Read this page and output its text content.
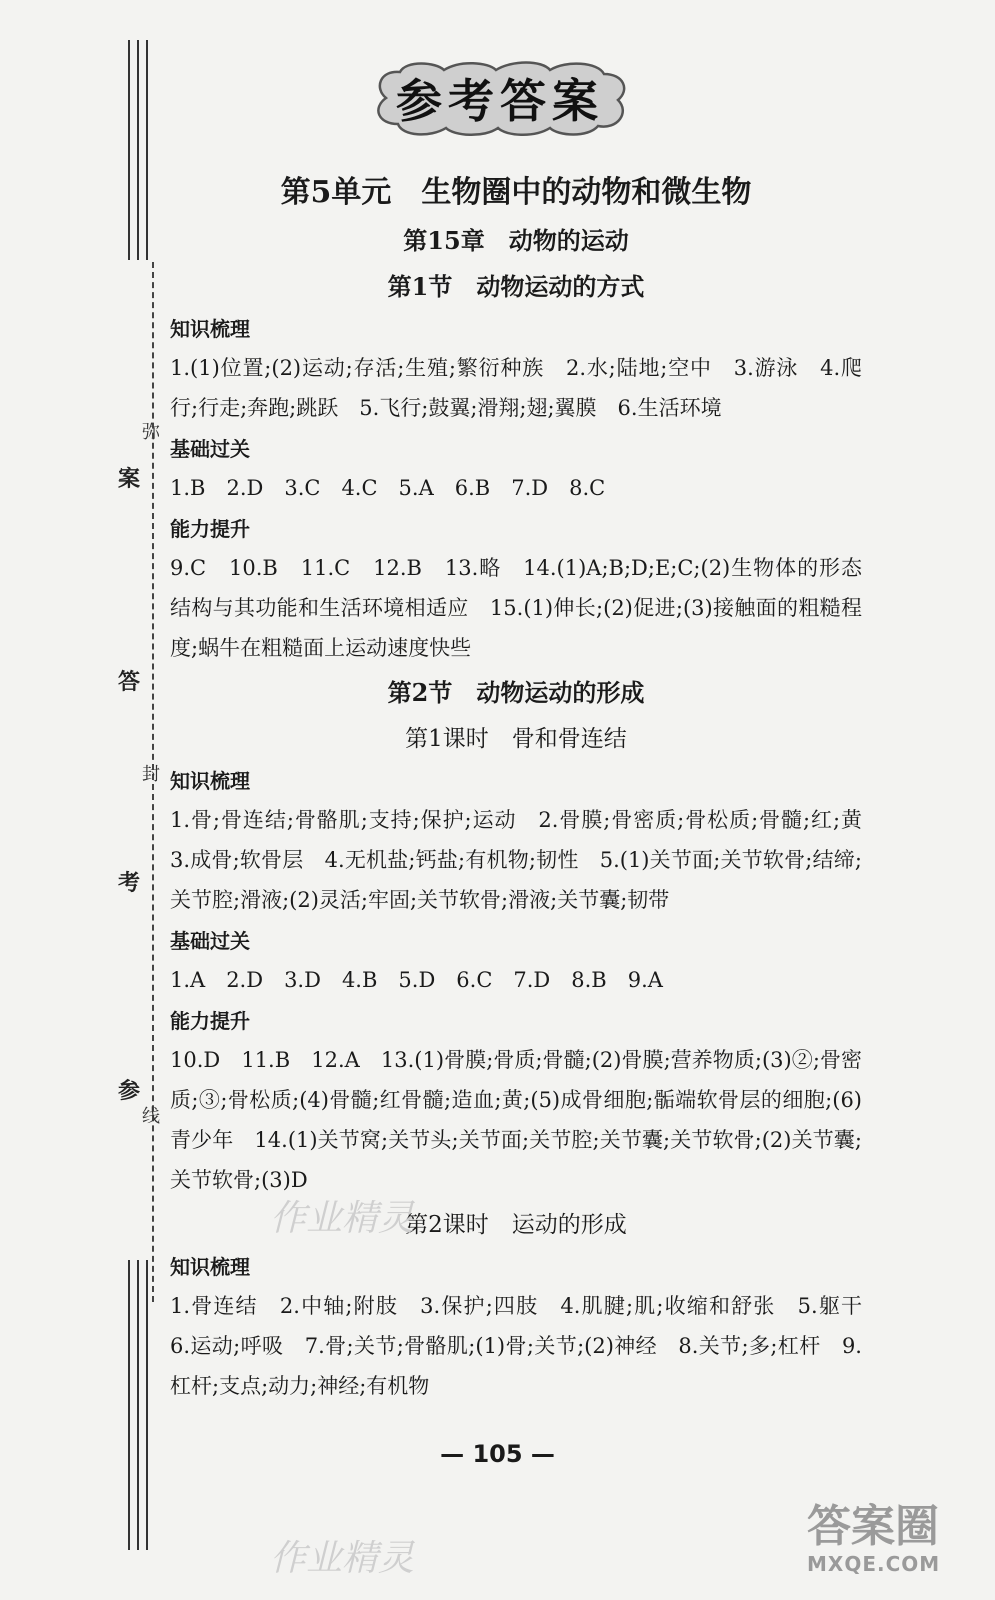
弥
案
答
封
考
参
线
参考答案
第5单元　生物圈中的动物和微生物
第15章　动物的运动
第1节　动物运动的方式
知识梳理

1.(1)位置;(2)运动;存活;生殖;繁衍种族　2.水;陆地;空中　3.游泳　4.爬行;行走;奔跑;跳跃　5.飞行;鼓翼;滑翔;翅;翼膜　6.生活环境

基础过关

1.B　2.D　3.C　4.C　5.A　6.B　7.D　8.C

能力提升

9.C　10.B　11.C　12.B　13.略　14.(1)A;B;D;E;C;(2)生物体的形态结构与其功能和生活环境相适应　15.(1)伸长;(2)促进;(3)接触面的粗糙程度;蜗牛在粗糙面上运动速度快些

第2节　动物运动的形成
第1课时　骨和骨连结
知识梳理

1.骨;骨连结;骨骼肌;支持;保护;运动　2.骨膜;骨密质;骨松质;骨髓;红;黄　3.成骨;软骨层　4.无机盐;钙盐;有机物;韧性　5.(1)关节面;关节软骨;结缔;关节腔;滑液;(2)灵活;牢固;关节软骨;滑液;关节囊;韧带

基础过关

1.A　2.D　3.D　4.B　5.D　6.C　7.D　8.B　9.A

能力提升

10.D　11.B　12.A　13.(1)骨膜;骨质;骨髓;(2)骨膜;营养物质;(3)②;骨密质;③;骨松质;(4)骨髓;红骨髓;造血;黄;(5)成骨细胞;骺端软骨层的细胞;(6)青少年　14.(1)关节窝;关节头;关节面;关节腔;关节囊;关节软骨;(2)关节囊;关节软骨;(3)D

第2课时　运动的形成
知识梳理

1.骨连结　2.中轴;附肢　3.保护;四肢　4.肌腱;肌;收缩和舒张　5.躯干　6.运动;呼吸　7.骨;关节;骨骼肌;(1)骨;关节;(2)神经　8.关节;多;杠杆　9.杠杆;支点;动力;神经;有机物

— 105 —
作业精灵
作业精灵
答案圈
MXQE.COM
